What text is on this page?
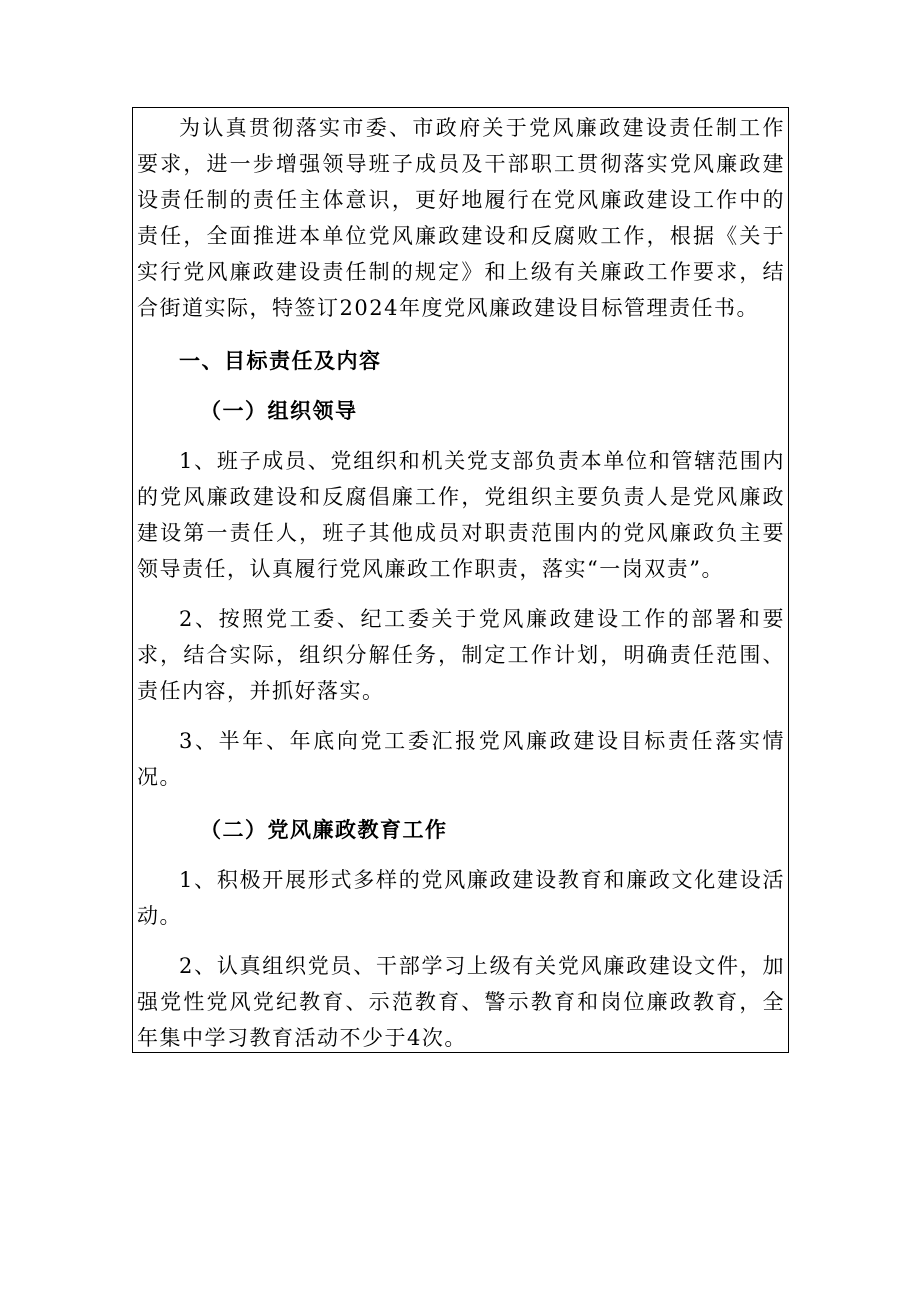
为认真贯彻落实市委、市政府关于党风廉政建设责任制工作要求，进一步增强领导班子成员及干部职工贯彻落实党风廉政建设责任制的责任主体意识，更好地履行在党风廉政建设工作中的责任，全面推进本单位党风廉政建设和反腐败工作，根据《关于实行党风廉政建设责任制的规定》和上级有关廉政工作要求，结合街道实际，特签订2024年度党风廉政建设目标管理责任书。

一、目标责任及内容

（一）组织领导

1、班子成员、党组织和机关党支部负责本单位和管辖范围内的党风廉政建设和反腐倡廉工作，党组织主要负责人是党风廉政建设第一责任人，班子其他成员对职责范围内的党风廉政负主要领导责任，认真履行党风廉政工作职责，落实“一岗双责”。

2、按照党工委、纪工委关于党风廉政建设工作的部署和要求，结合实际，组织分解任务，制定工作计划，明确责任范围、责任内容，并抓好落实。

3、半年、年底向党工委汇报党风廉政建设目标责任落实情况。

（二）党风廉政教育工作

1、积极开展形式多样的党风廉政建设教育和廉政文化建设活动。

2、认真组织党员、干部学习上级有关党风廉政建设文件，加强党性党风党纪教育、示范教育、警示教育和岗位廉政教育，全年集中学习教育活动不少于4次。
